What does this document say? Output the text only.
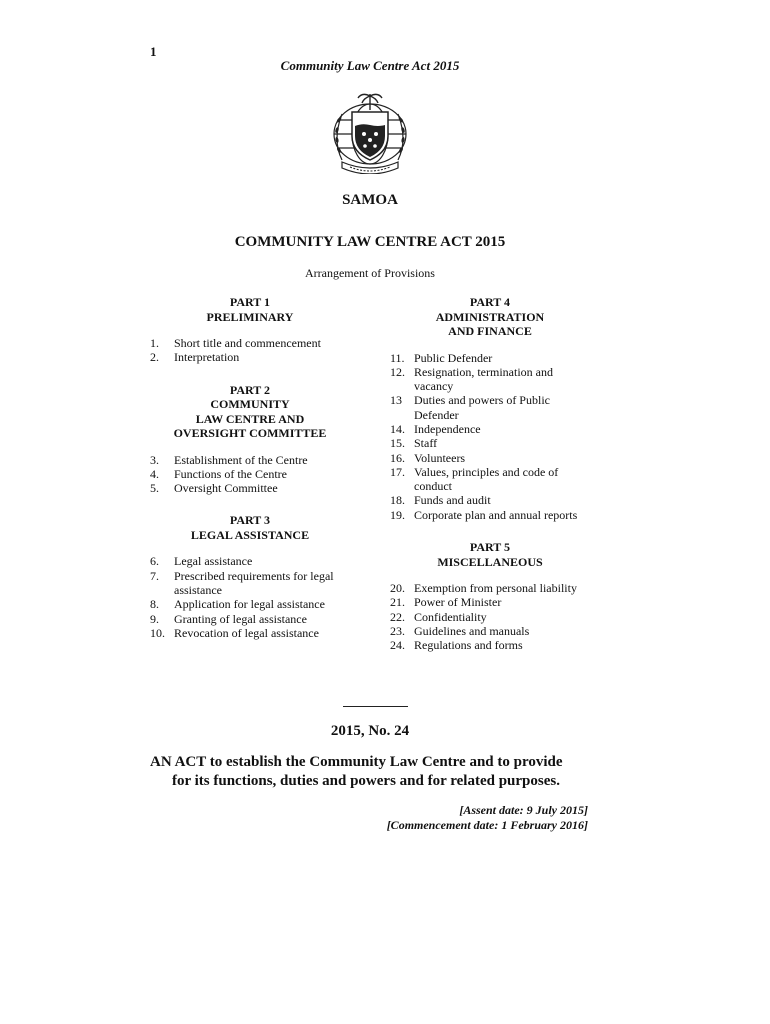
1
Community Law Centre Act 2015
SAMOA
COMMUNITY LAW CENTRE ACT 2015
Arrangement of Provisions
PART 1
PRELIMINARY
1.	Short title and commencement
2.	Interpretation
PART 2
COMMUNITY
LAW CENTRE AND
OVERSIGHT COMMITTEE
3.	Establishment of the Centre
4.	Functions of the Centre
5.	Oversight Committee
PART 3
LEGAL ASSISTANCE
6.	Legal assistance
7.	Prescribed requirements for legal assistance
8.	Application for legal assistance
9.	Granting of legal assistance
10. Revocation of legal assistance
PART 4
ADMINISTRATION
AND FINANCE
11. Public Defender
12. Resignation, termination and vacancy
13	Duties and powers of Public Defender
14. Independence
15. Staff
16. Volunteers
17. Values, principles and code of conduct
18. Funds and audit
19. Corporate plan and annual reports
PART 5
MISCELLANEOUS
20. Exemption from personal liability
21. Power of Minister
22. Confidentiality
23. Guidelines and manuals
24. Regulations and forms
2015, No. 24
AN ACT to establish the Community Law Centre and to provide
for its functions, duties and powers and for related purposes.
[Assent date: 9 July 2015]
[Commencement date: 1 February 2016]
